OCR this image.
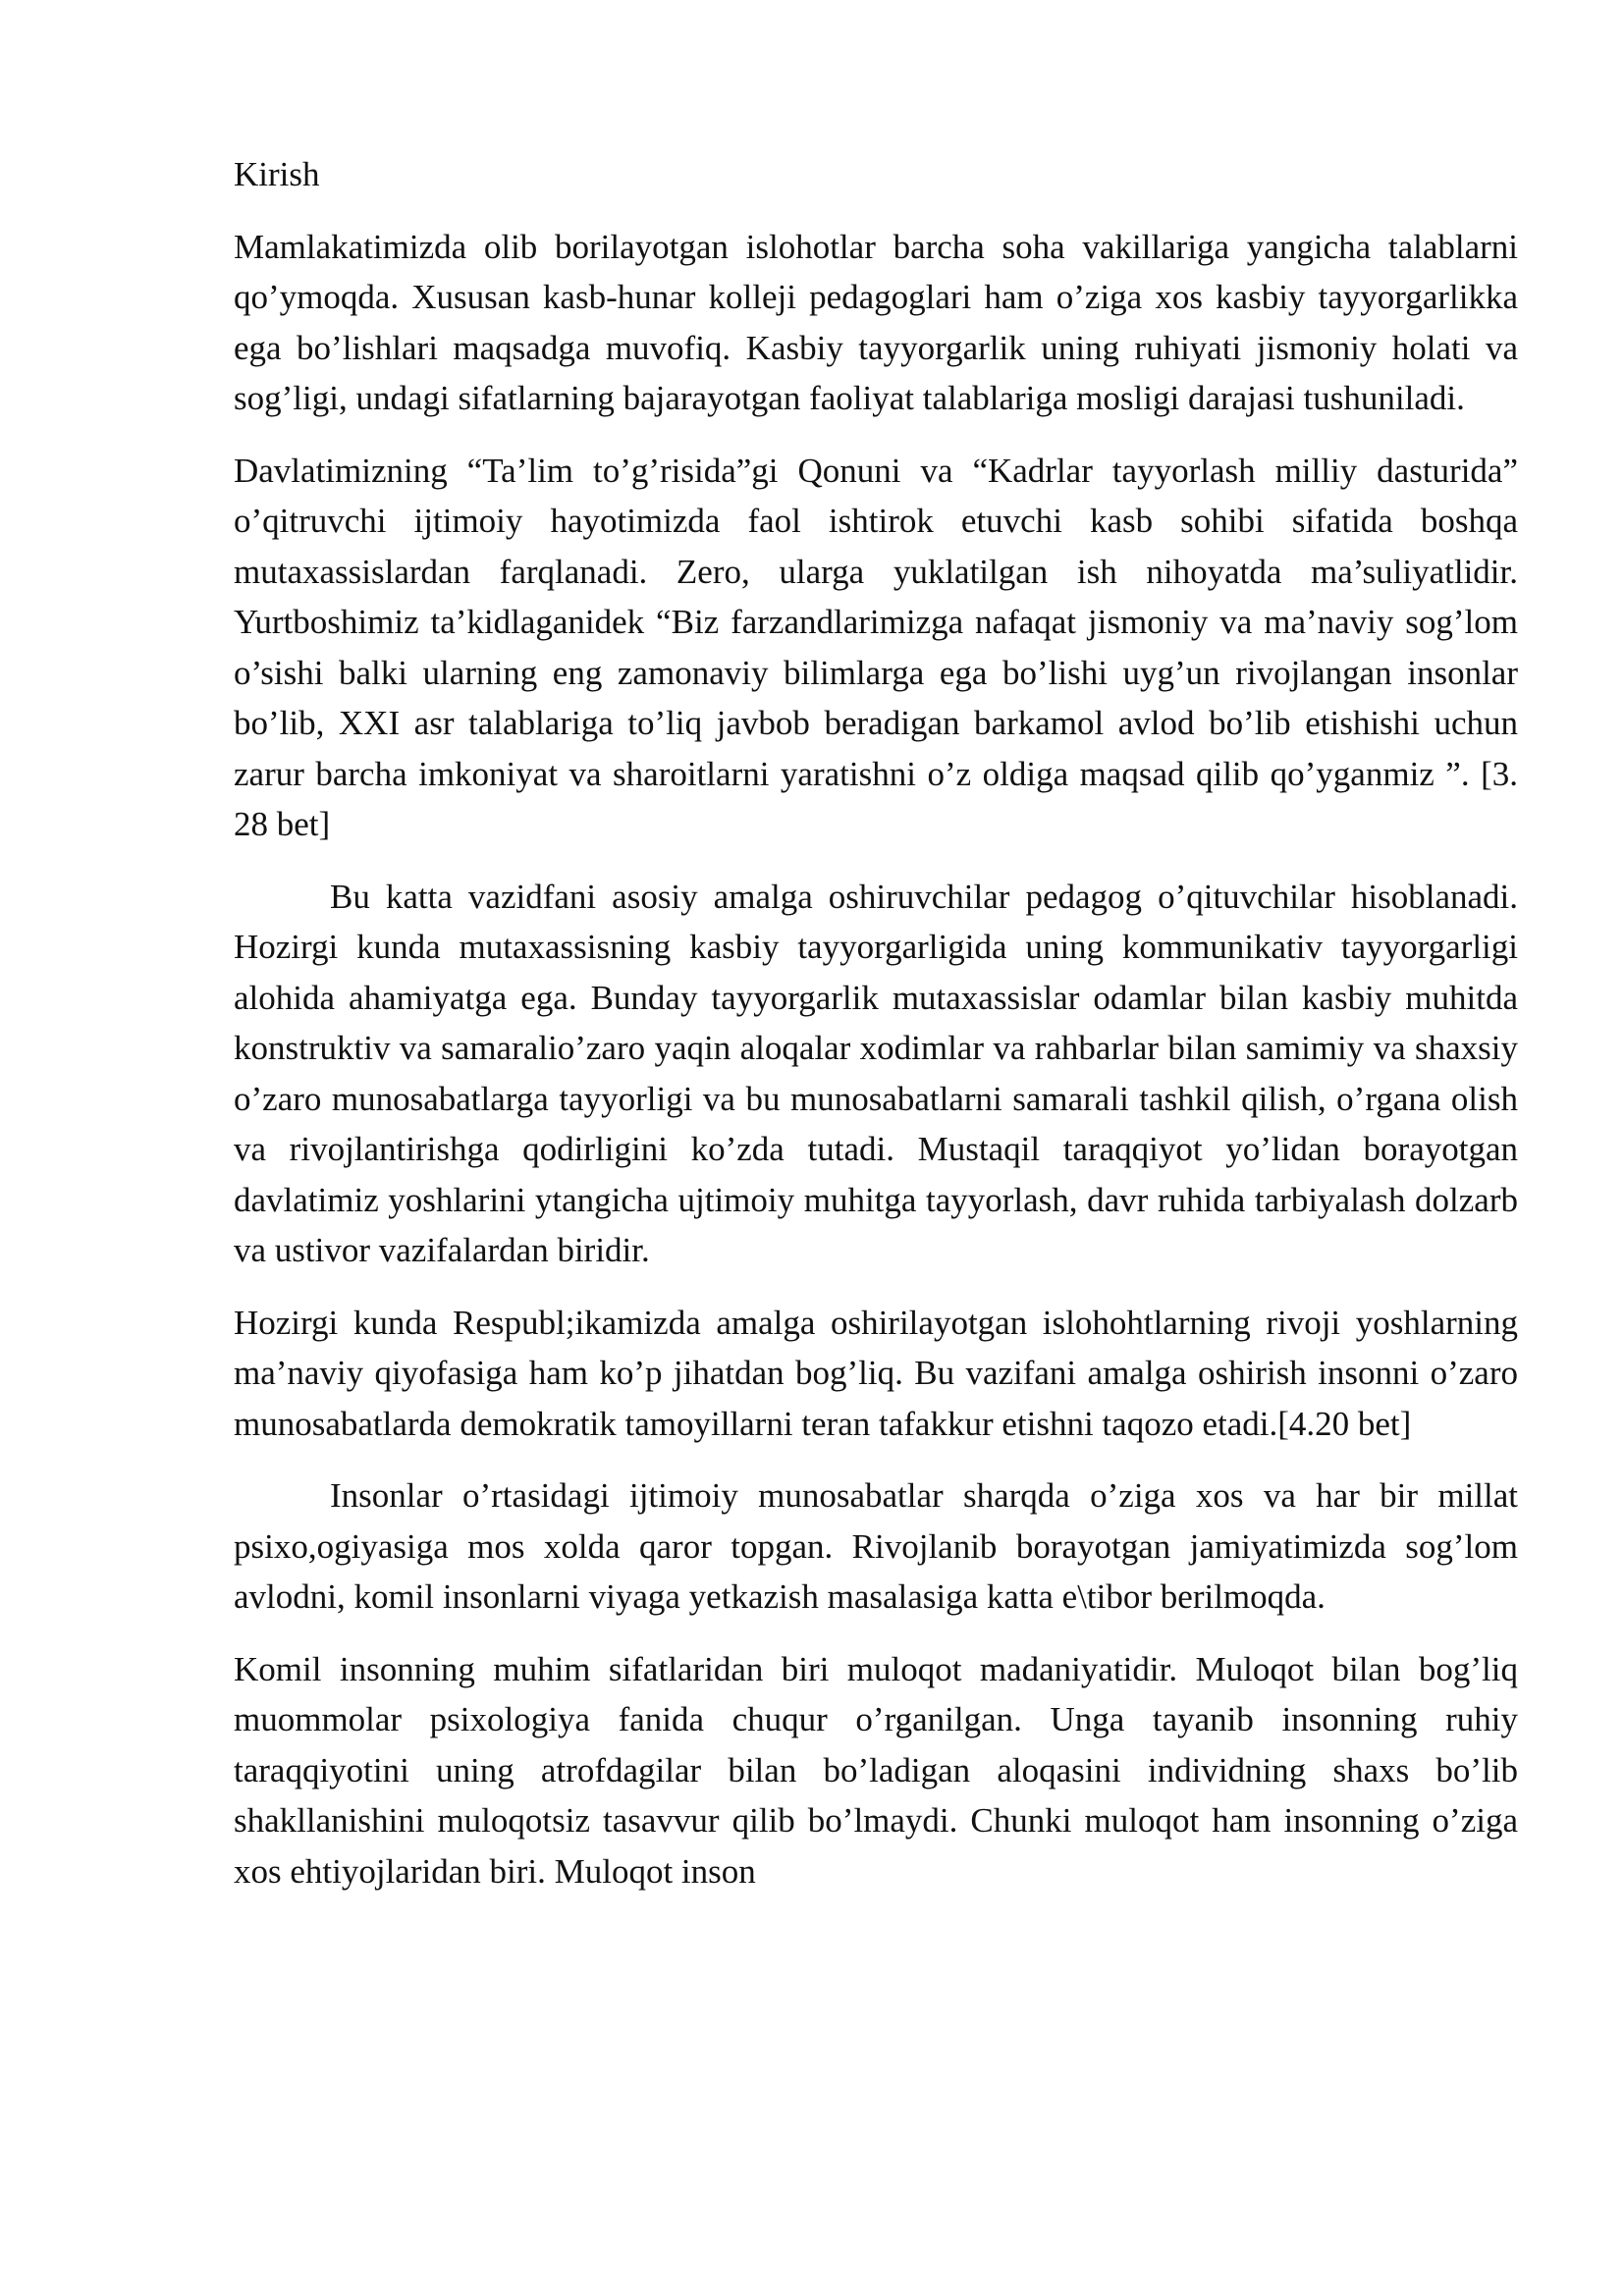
Kirish

Mamlakatimizda olib borilayotgan islohotlar barcha soha vakillariga yangicha talablarni qo’ymoqda. Xususan kasb-hunar kolleji pedagoglari ham o’ziga xos kasbiy tayyorgarlikka ega bo’lishlari maqsadga muvofiq. Kasbiy tayyorgarlik uning ruhiyati jismoniy holati va sog’ligi, undagi sifatlarning bajarayotgan faoliyat talablariga mosligi darajasi tushuniladi.

Davlatimizning “Ta’lim to’g’risida”gi Qonuni va “Kadrlar tayyorlash milliy dasturida” o’qitruvchi ijtimoiy hayotimizda faol ishtirok etuvchi kasb sohibi sifatida boshqa mutaxassislardan farqlanadi. Zero, ularga yuklatilgan ish nihoyatda ma’suliyatlidir. Yurtboshimiz ta’kidlaganidek “Biz farzandlarimizga nafaqat jismoniy va ma’naviy sog’lom o’sishi balki ularning eng zamonaviy bilimlarga ega bo’lishi uyg’un rivojlangan insonlar bo’lib, XXI asr talablariga to’liq javbob beradigan barkamol avlod bo’lib etishishi uchun zarur barcha imkoniyat va sharoitlarni yaratishni o’z oldiga maqsad qilib qo’yganmiz ”. [3. 28 bet]

Bu katta vazidfani asosiy amalga oshiruvchilar pedagog o’qituvchilar hisoblanadi. Hozirgi kunda mutaxassisning kasbiy tayyorgarligida uning kommunikativ tayyorgarligi alohida ahamiyatga ega. Bunday tayyorgarlik mutaxassislar odamlar bilan kasbiy muhitda konstruktiv va samaralio’zaro yaqin aloqalar xodimlar va rahbarlar bilan samimiy va shaxsiy o’zaro munosabatlarga tayyorligi va bu munosabatlarni samarali tashkil qilish, o’rgana olish va rivojlantirishga qodirligini ko’zda tutadi. Mustaqil taraqqiyot yo’lidan borayotgan davlatimiz yoshlarini ytangicha ujtimoiy muhitga tayyorlash, davr ruhida tarbiyalash dolzarb va ustivor vazifalardan biridir.

Hozirgi kunda Respubl;ikamizda amalga oshirilayotgan islohohtlarning rivoji yoshlarning ma’naviy qiyofasiga ham ko’p jihatdan bog’liq. Bu vazifani amalga oshirish insonni o’zaro munosabatlarda demokratik tamoyillarni teran tafakkur etishni taqozo etadi.[4.20 bet]

Insonlar o’rtasidagi ijtimoiy munosabatlar sharqda o’ziga xos va har bir millat psixo,ogiyasiga mos xolda qaror topgan. Rivojlanib borayotgan jamiyatimizda sog’lom avlodni, komil insonlarni viyaga yetkazish masalasiga katta e\tibor berilmoqda.

Komil insonning muhim sifatlaridan biri muloqot madaniyatidir. Muloqot bilan bog’liq muommolar psixologiya fanida chuqur o’rganilgan. Unga tayanib insonning ruhiy taraqqiyotini uning atrofdagilar bilan bo’ladigan aloqasini individning shaxs bo’lib shakllanishini muloqotsiz tasavvur qilib bo’lmaydi. Chunki muloqot ham insonning o’ziga xos ehtiyojlaridan biri. Muloqot inson
